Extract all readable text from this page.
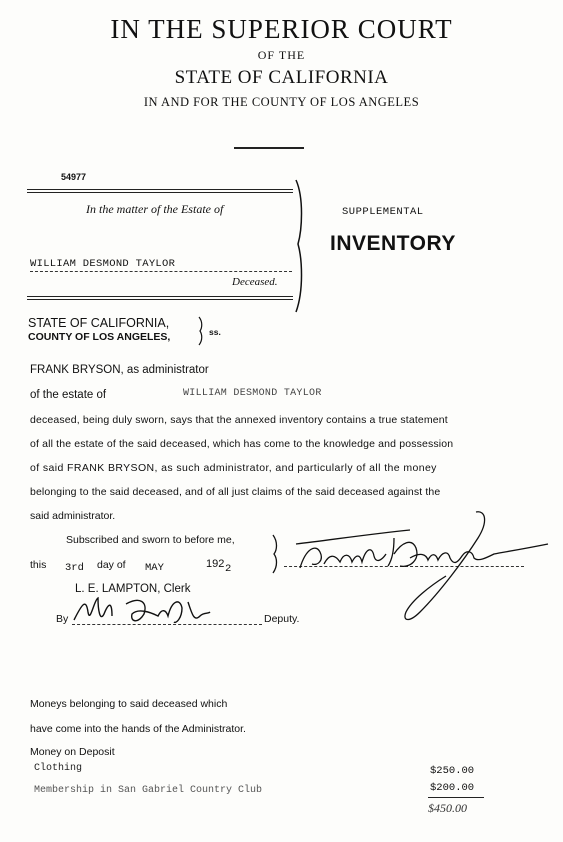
IN THE SUPERIOR COURT
OF THE
STATE OF CALIFORNIA
IN AND FOR THE COUNTY OF LOS ANGELES
54977
In the matter of the Estate of
WILLIAM DESMOND TAYLOR
Deceased.
SUPPLEMENTAL
INVENTORY
STATE OF CALIFORNIA,
COUNTY OF LOS ANGELES,	ss.
FRANK BRYSON, as administrator
of the estate of	WILLIAM DESMOND TAYLOR
deceased, being duly sworn, says that the annexed inventory contains a true statement
of all the estate of the said deceased, which has come to the knowledge and possession
of said FRANK BRYSON, as such administrator, and particularly of all the money
belonging to the said deceased, and of all just claims of the said deceased against the
said administrator.
Subscribed and sworn to before me,
this 3rd day of MAY	192 2
L. E. LAMPTON, Clerk
By	Deputy.
Moneys belonging to said deceased which
have come into the hands of the Administrator.
Money on Deposit
Clothing	$250.00
Membership in San Gabriel Country Club	$200.00
$450.00
